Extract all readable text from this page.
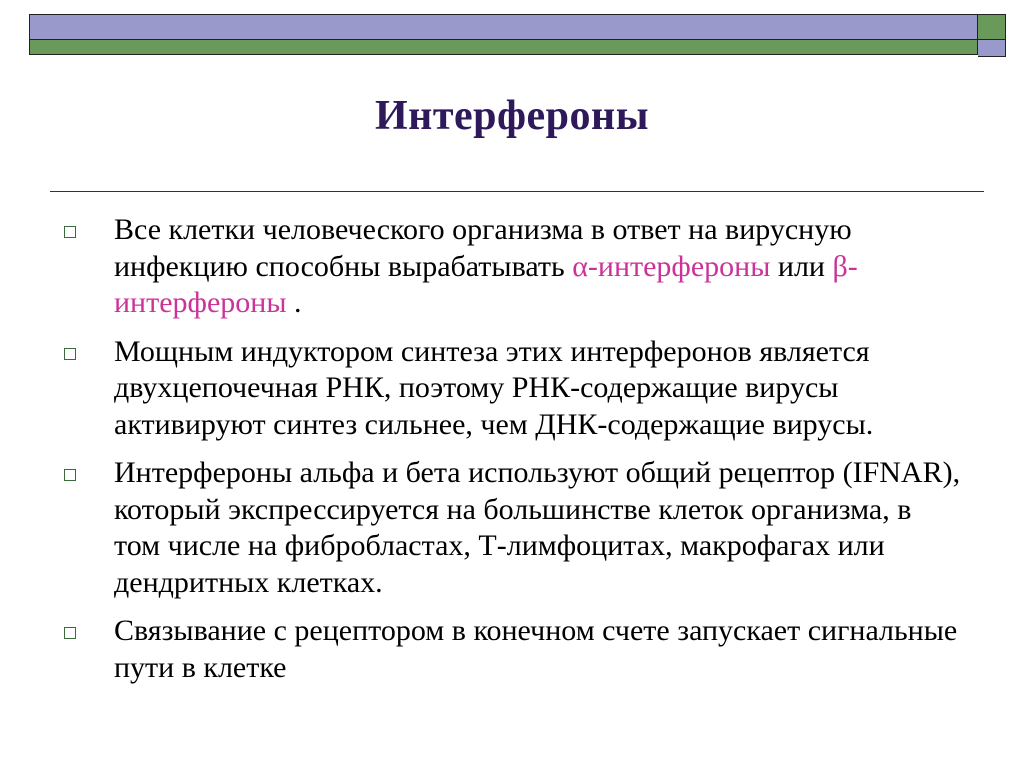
Интерфероны
Все клетки человеческого организма в ответ на вирусную инфекцию способны вырабатывать α-интерфероны или β-интерфероны .
Мощным индуктором синтеза этих интерферонов является двухцепочечная РНК, поэтому РНК-содержащие вирусы активируют синтез сильнее, чем ДНК-содержащие вирусы.
Интерфероны альфа и бета используют общий рецептор (IFNAR), который экспрессируется на большинстве клеток организма, в том числе на фибробластах, Т-лимфоцитах, макрофагах или дендритных клетках.
Связывание с рецептором в конечном счете запускает сигнальные пути в клетке
